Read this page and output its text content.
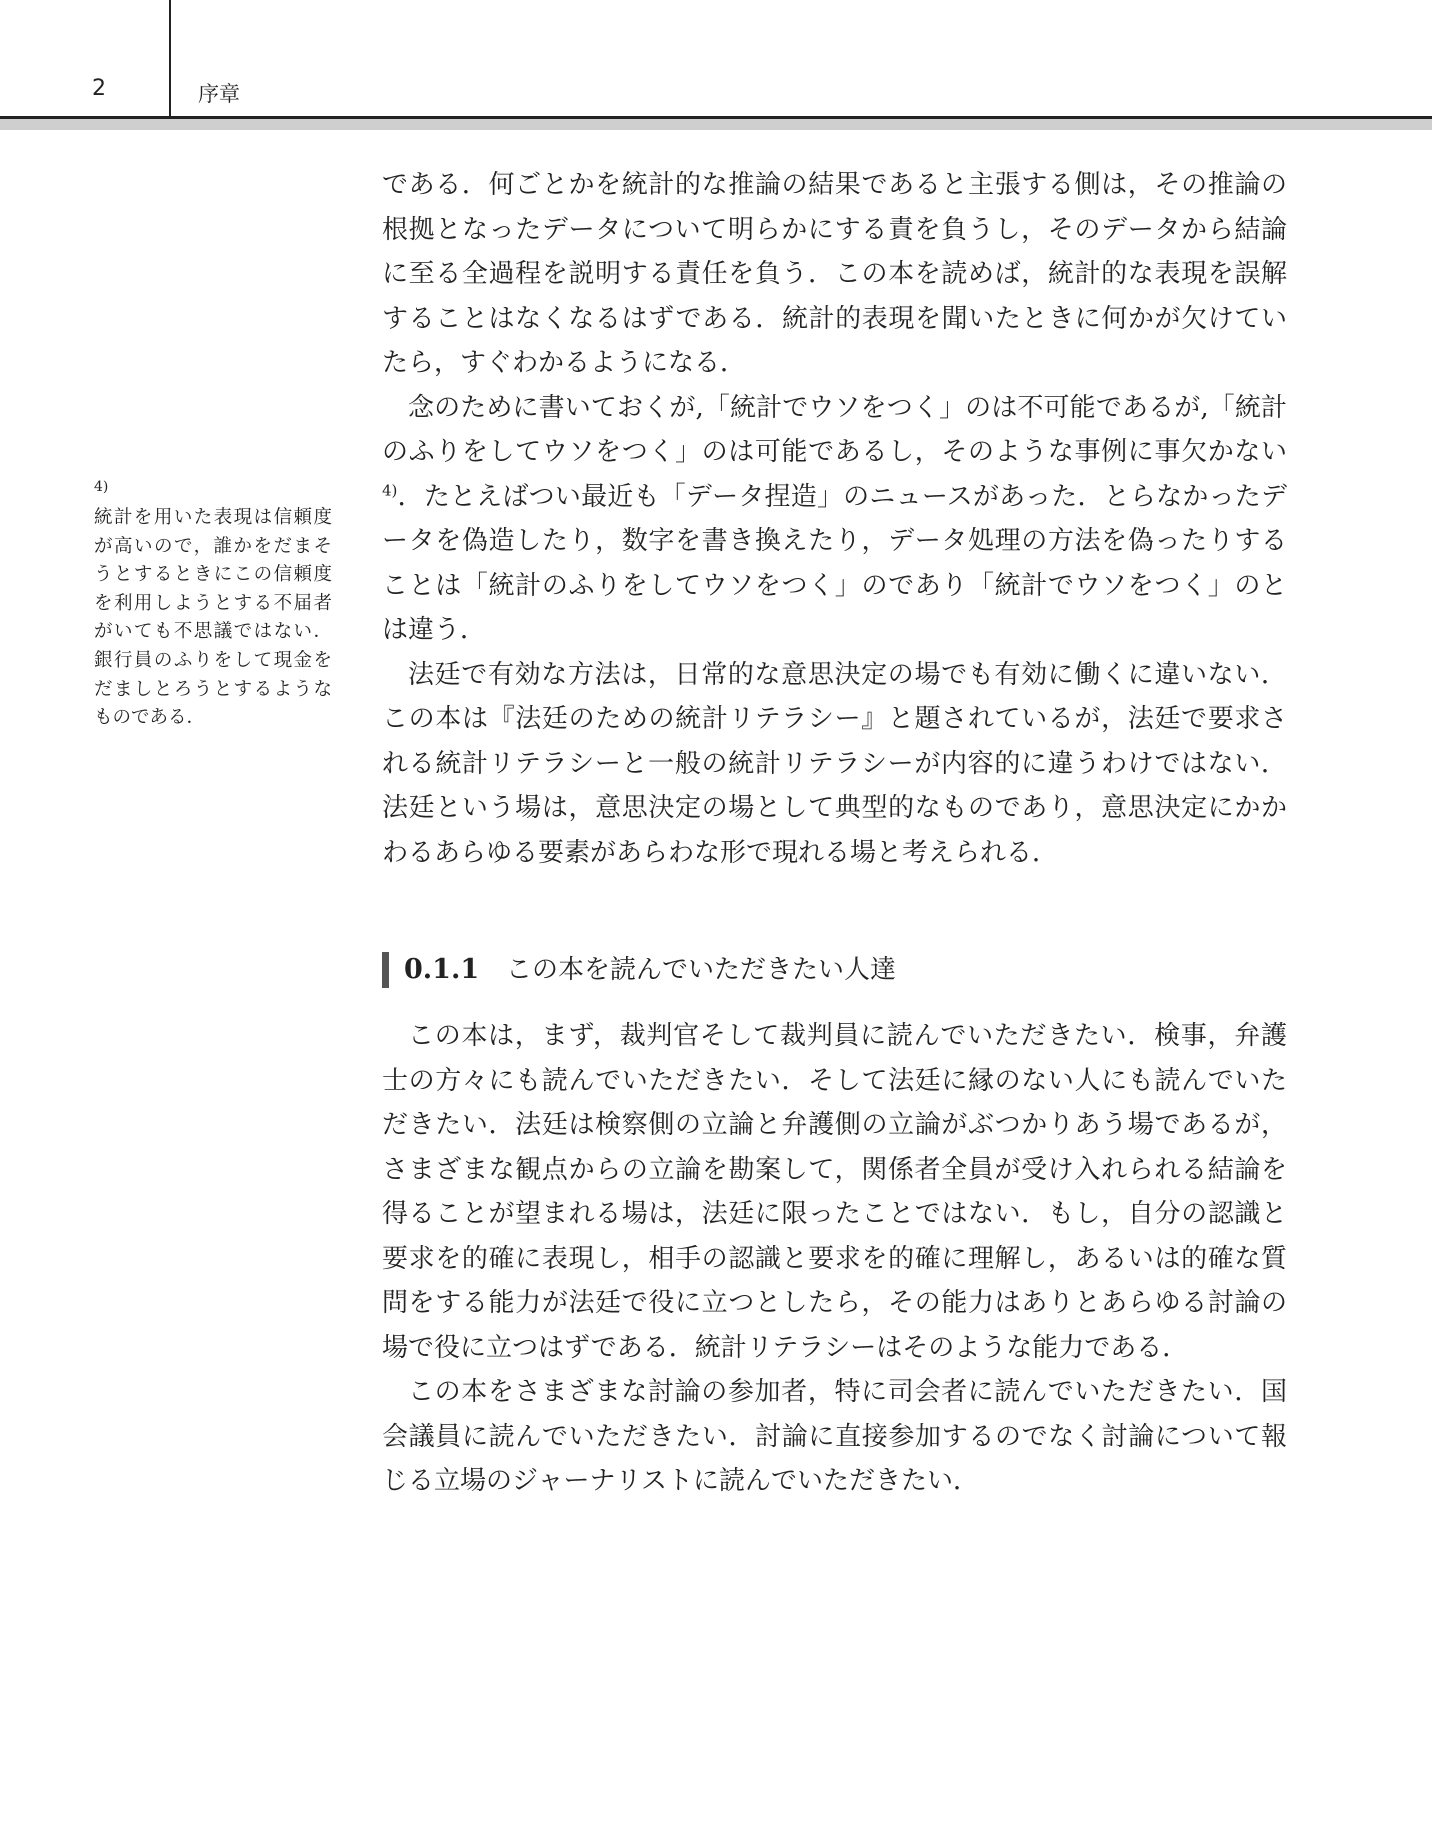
2	序章
4)
統計を用いた表現は信頼度が高いので，誰かをだまそうとするときにこの信頼度を利用しようとする不届者がいても不思議ではない．銀行員のふりをして現金をだましとろうとするようなものである．

である．何ごとかを統計的な推論の結果であると主張する側は，その推論の根拠となったデータについて明らかにする責を負うし，そのデータから結論に至る全過程を説明する責任を負う．この本を読めば，統計的な表現を誤解することはなくなるはずである．統計的表現を聞いたときに何かが欠けていたら，すぐわかるようになる．

念のために書いておくが,「統計でウソをつく」のは不可能であるが,「統計のふりをしてウソをつく」のは可能であるし，そのような事例に事欠かない$^{4)}$．たとえばつい最近も「データ捏造」のニュースがあった．とらなかったデータを偽造したり，数字を書き換えたり，データ処理の方法を偽ったりすることは「統計のふりをしてウソをつく」のであり「統計でウソをつく」のとは違う．

法廷で有効な方法は，日常的な意思決定の場でも有効に働くに違いない．この本は『法廷のための統計リテラシー』と題されているが，法廷で要求される統計リテラシーと一般の統計リテラシーが内容的に違うわけではない．法廷という場は，意思決定の場として典型的なものであり，意思決定にかかわるあらゆる要素があらわな形で現れる場と考えられる．

0.1.1 この本を読んでいただきたい人達

この本は，まず，裁判官そして裁判員に読んでいただきたい．検事，弁護士の方々にも読んでいただきたい．そして法廷に縁のない人にも読んでいただきたい．法廷は検察側の立論と弁護側の立論がぶつかりあう場であるが，さまざまな観点からの立論を勘案して，関係者全員が受け入れられる結論を得ることが望まれる場は，法廷に限ったことではない．もし，自分の認識と要求を的確に表現し，相手の認識と要求を的確に理解し，あるいは的確な質問をする能力が法廷で役に立つとしたら，その能力はありとあらゆる討論の場で役に立つはずである．統計リテラシーはそのような能力である．

この本をさまざまな討論の参加者，特に司会者に読んでいただきたい．国会議員に読んでいただきたい．討論に直接参加するのでなく討論について報じる立場のジャーナリストに読んでいただきたい．
